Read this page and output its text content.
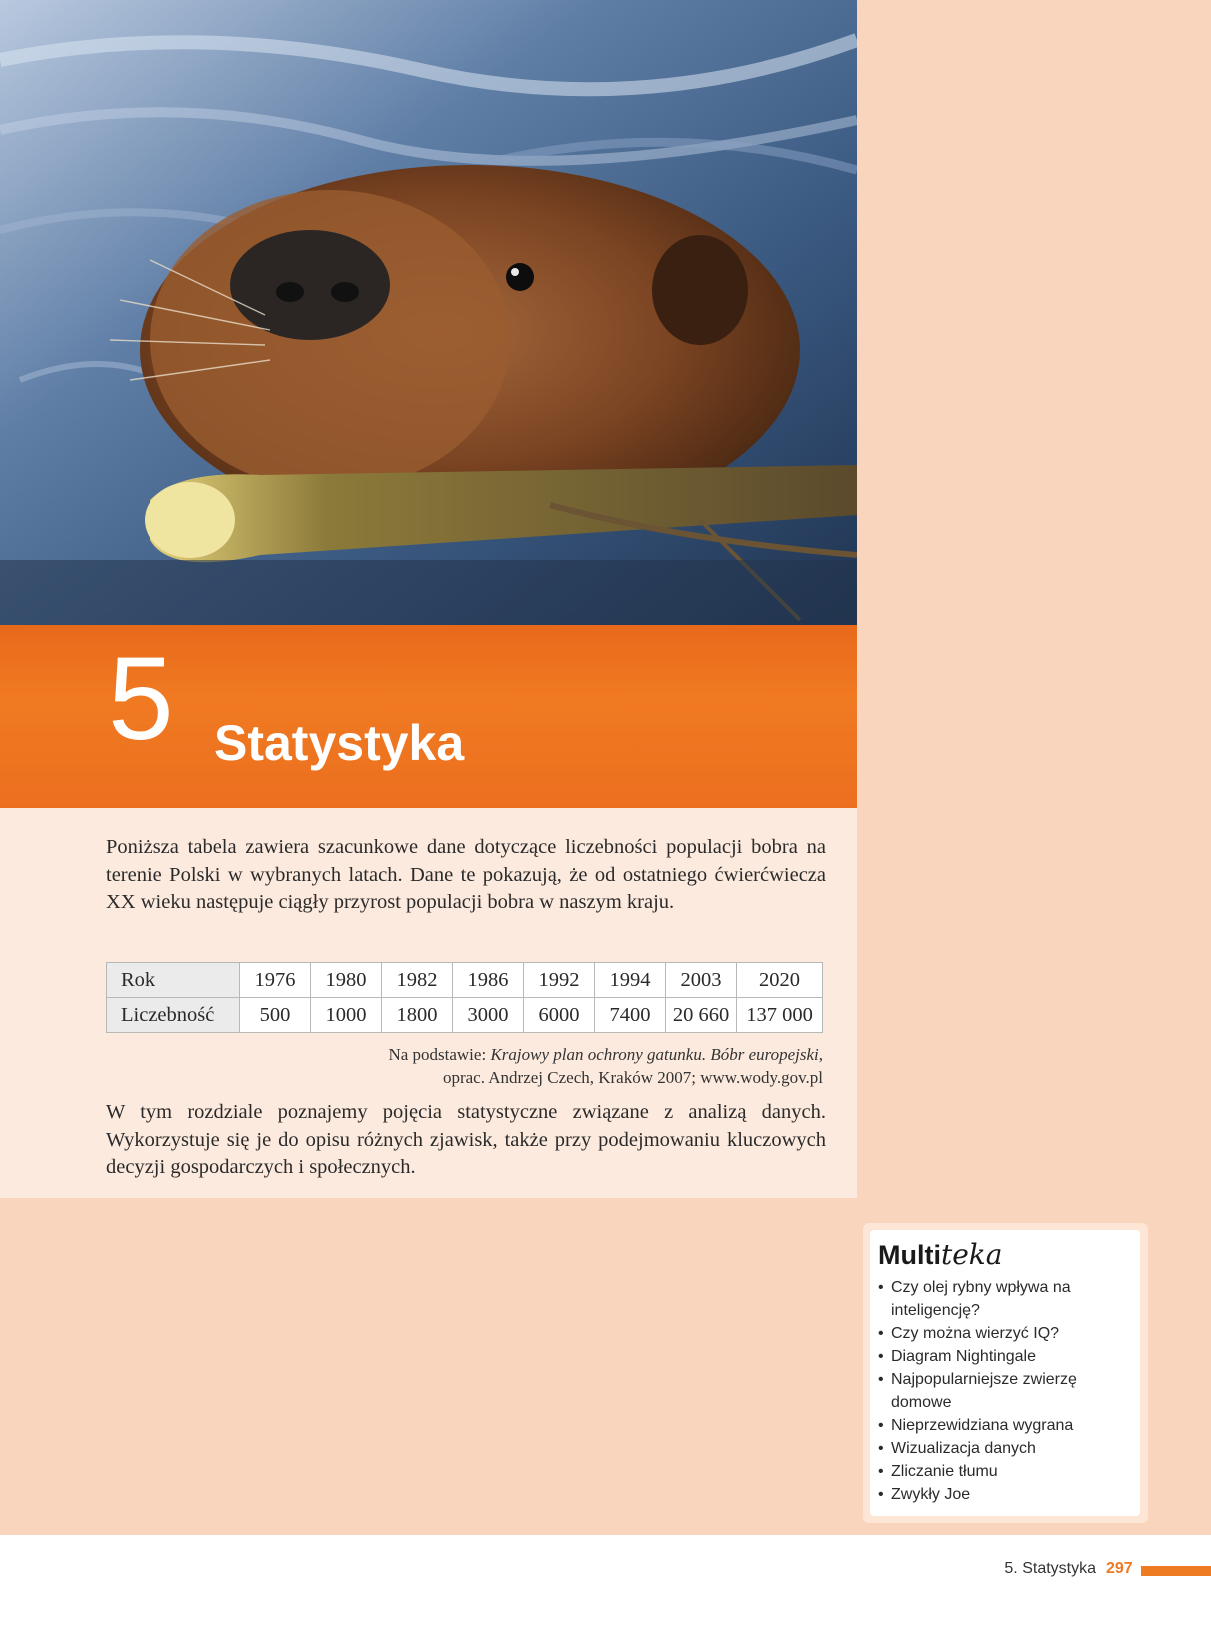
5 Statystyka

Poniższa tabela zawiera szacunkowe dane dotyczące liczebności populacji bobra na terenie Polski w wybranych latach. Dane te pokazują, że od ostatniego ćwierćwiecza XX wieku następuje ciągły przyrost populacji bobra w naszym kraju.

Rok	1976	1980	1982	1986	1992	1994	2003	2020
Liczebność	500	1000	1800	3000	6000	7400	20 660	137 000
Na podstawie: Krajowy plan ochrony gatunku. Bóbr europejski,
oprac. Andrzej Czech, Kraków 2007; www.wody.gov.pl

W tym rozdziale poznajemy pojęcia statystyczne związane z analizą danych. Wykorzystuje się je do opisu różnych zjawisk, także przy podejmowaniu kluczowych decyzji gospodarczych i społecznych.

Multiteka
• Czy olej rybny wpływa na inteligencję?
• Czy można wierzyć IQ?
• Diagram Nightingale
• Najpopularniejsze zwierzę domowe
• Nieprzewidziana wygrana
• Wizualizacja danych
• Zliczanie tłumu
• Zwykły Joe
5. Statystyka 297
